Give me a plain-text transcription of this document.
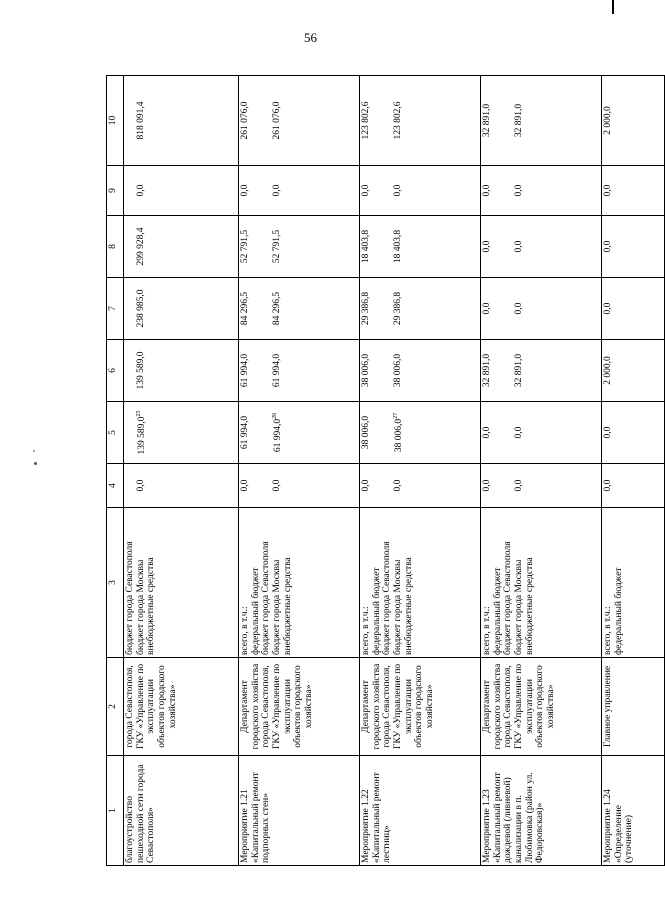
56
1	2	3	4	5	6	7	8	9	10
благоустройство пешеходной сети города Севастополя»	города Севастополя, ГКУ «Управление по эксплуатации объектов городского хозяйства»	бюджет города Севастополя бюджет города Москвы внебюджетные средства	0,0	139 589,0$^{25}$	139 589,0	238 985,0	299 928,4	0,0	818 091,4
Мероприятие 1.21 «Капитальный ремонт подпорных стен»	Департамент городского хозяйства города Севастополя, ГКУ «Управление по эксплуатации объектов городского хозяйства»	всего, в т.ч.: федеральный бюджет бюджет города Севастополя бюджет города Москвы внебюджетные средства	0,0 0,0	61 994,0 61 994,0$^{26}$	61 994,0 61 994,0	84 296,5 84 296,5	52 791,5 52 791,5	0,0 0,0	261 076,0 261 076,0
Мероприятие 1.22 «Капитальный ремонт лестниц»	Департамент городского хозяйства города Севастополя, ГКУ «Управление по эксплуатации объектов городского хозяйства»	всего, в т.ч.: федеральный бюджет бюджет города Севастополя бюджет города Москвы внебюджетные средства	0,0 0,0	38 006,0 38 006,0$^{27}$	38 006,0 38 006,0	29 386,8 29 386,8	18 403,8 18 403,8	0,0 0,0	123 802,6 123 802,6
Мероприятие 1.23 «Капитальный ремонт дождевой (ливневой) канализации в п. Любимовка (район ул. Федоровская)»	Департамент городского хозяйства города Севастополя, ГКУ «Управление по эксплуатации объектов городского хозяйства»	всего, в т.ч.: федеральный бюджет бюджет города Севастополя бюджет города Москвы внебюджетные средства	0,0 0,0	0,0 0,0	32 891,0 32 891,0	0,0 0,0	0,0 0,0	0,0 0,0	32 891,0 32 891,0
Мероприятие 1.24 «Определение (уточнение)	Главное управление	всего, в т.ч.: федеральный бюджет	0,0	0,0	2 000,0	0,0	0,0	0,0	2 000,0
